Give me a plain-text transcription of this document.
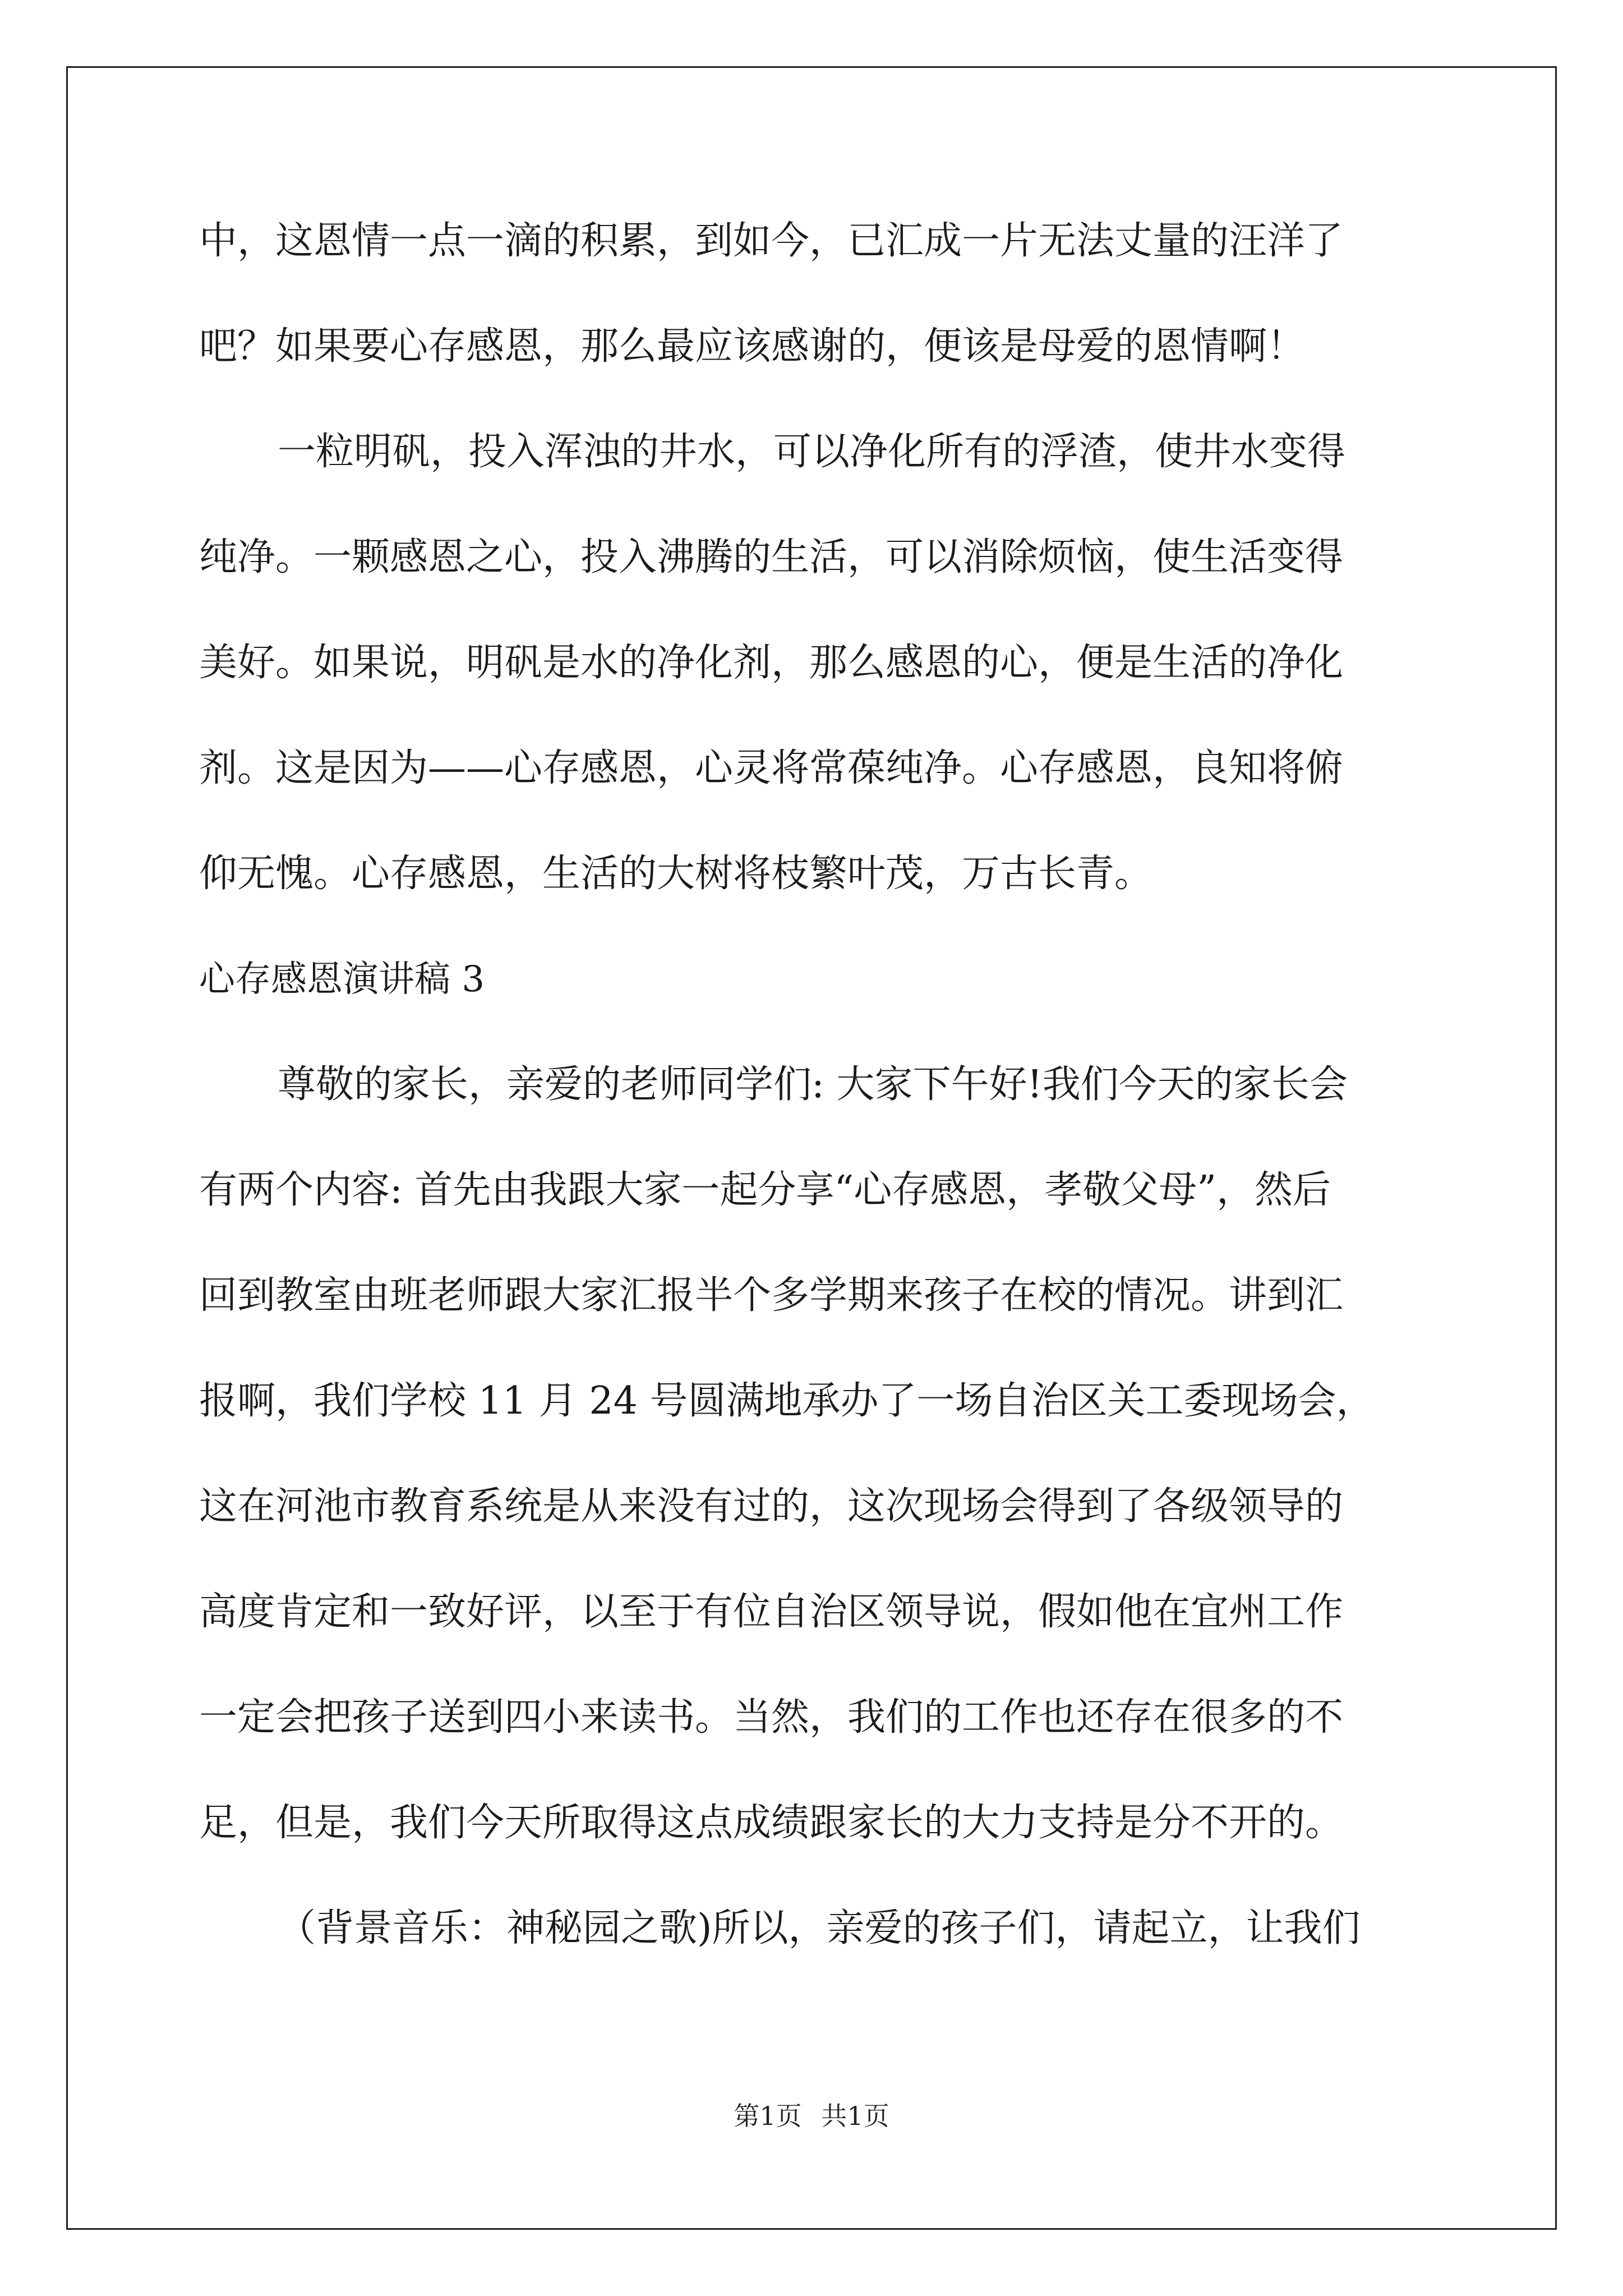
中，这恩情一点一滴的积累，到如今，已汇成一片无法丈量的汪洋了
吧？如果要心存感恩，那么最应该感谢的，便该是母爱的恩情啊！
一粒明矾，投入浑浊的井水，可以净化所有的浮渣，使井水变得
纯净。一颗感恩之心，投入沸腾的生活，可以消除烦恼，使生活变得
美好。如果说，明矾是水的净化剂，那么感恩的心，便是生活的净化
剂。这是因为——心存感恩，心灵将常葆纯净。心存感恩，良知将俯
仰无愧。心存感恩，生活的大树将枝繁叶茂，万古长青。
心存感恩演讲稿 3
尊敬的家长，亲爱的老师同学们: 大家下午好!我们今天的家长会
有两个内容: 首先由我跟大家一起分享“心存感恩，孝敬父母”，然后
回到教室由班老师跟大家汇报半个多学期来孩子在校的情况。讲到汇
报啊，我们学校 11 月 24 号圆满地承办了一场自治区关工委现场会，
这在河池市教育系统是从来没有过的，这次现场会得到了各级领导的
高度肯定和一致好评，以至于有位自治区领导说，假如他在宜州工作
一定会把孩子送到四小来读书。当然，我们的工作也还存在很多的不
足，但是，我们今天所取得这点成绩跟家长的大力支持是分不开的。
（背景音乐：神秘园之歌)所以，亲爱的孩子们，请起立，让我们
第1页 共1页
